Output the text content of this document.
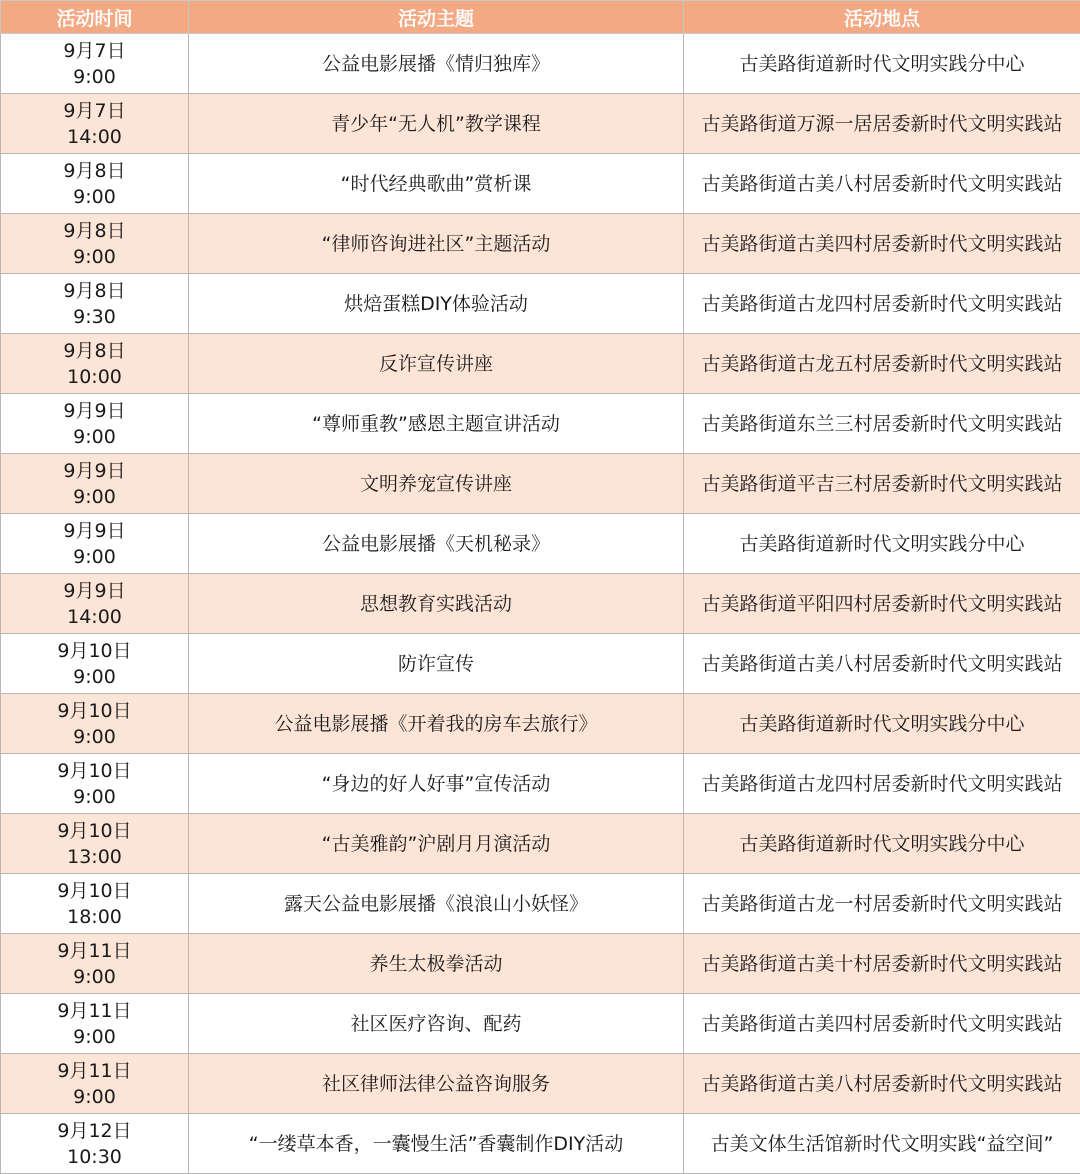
活动时间	活动主题	活动地点

9月7日
9:00	公益电影展播《情归独库》	古美路街道新时代文明实践分中心

9月7日
14:00	青少年“无人机”教学课程	古美路街道万源一居居委新时代文明实践站

9月8日
9:00	“时代经典歌曲”赏析课	古美路街道古美八村居委新时代文明实践站

9月8日
9:00	“律师咨询进社区”主题活动	古美路街道古美四村居委新时代文明实践站

9月8日
9:30	烘焙蛋糕DIY体验活动	古美路街道古龙四村居委新时代文明实践站

9月8日
10:00	反诈宣传讲座	古美路街道古龙五村居委新时代文明实践站

9月9日
9:00	“尊师重教”感恩主题宣讲活动	古美路街道东兰三村居委新时代文明实践站

9月9日
9:00	文明养宠宣传讲座	古美路街道平吉三村居委新时代文明实践站

9月9日
9:00	公益电影展播《天机秘录》	古美路街道新时代文明实践分中心

9月9日
14:00	思想教育实践活动	古美路街道平阳四村居委新时代文明实践站

9月10日
9:00	防诈宣传	古美路街道古美八村居委新时代文明实践站

9月10日
9:00	公益电影展播《开着我的房车去旅行》	古美路街道新时代文明实践分中心

9月10日
9:00	“身边的好人好事”宣传活动	古美路街道古龙四村居委新时代文明实践站

9月10日
13:00	“古美雅韵”沪剧月月演活动	古美路街道新时代文明实践分中心

9月10日
18:00	露天公益电影展播《浪浪山小妖怪》	古美路街道古龙一村居委新时代文明实践站

9月11日
9:00	养生太极拳活动	古美路街道古美十村居委新时代文明实践站

9月11日
9:00	社区医疗咨询、配药	古美路街道古美四村居委新时代文明实践站

9月11日
9:00	社区律师法律公益咨询服务	古美路街道古美八村居委新时代文明实践站

9月12日
10:30	“一缕草本香，一囊慢生活”香囊制作DIY活动	古美文体生活馆新时代文明实践“益空间”
